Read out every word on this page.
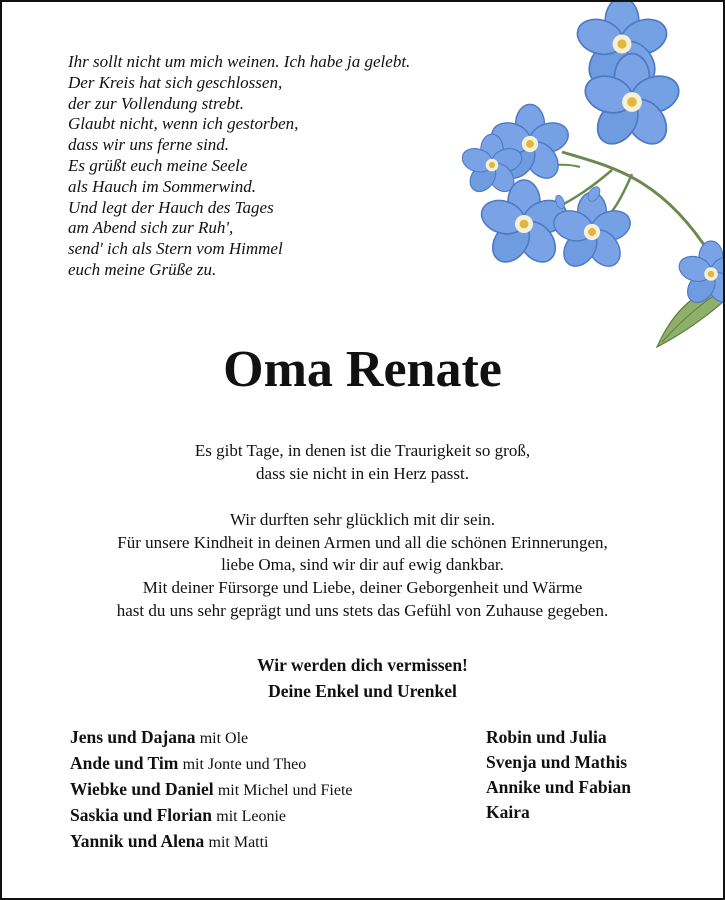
Ihr sollt nicht um mich weinen. Ich habe ja gelebt.
Der Kreis hat sich geschlossen,
der zur Vollendung strebt.
Glaubt nicht, wenn ich gestorben,
dass wir uns ferne sind.
Es grüßt euch meine Seele
als Hauch im Sommerwind.
Und legt der Hauch des Tages
am Abend sich zur Ruh',
send' ich als Stern vom Himmel
euch meine Grüße zu.
Oma Renate
Es gibt Tage, in denen ist die Traurigkeit so groß,
dass sie nicht in ein Herz passt.
Wir durften sehr glücklich mit dir sein.
Für unsere Kindheit in deinen Armen und all die schönen Erinnerungen,
liebe Oma, sind wir dir auf ewig dankbar.
Mit deiner Fürsorge und Liebe, deiner Geborgenheit und Wärme
hast du uns sehr geprägt und uns stets das Gefühl von Zuhause gegeben.
Wir werden dich vermissen!
Deine Enkel und Urenkel
Jens und Dajana mit Ole
Ande und Tim mit Jonte und Theo
Wiebke und Daniel mit Michel und Fiete
Saskia und Florian mit Leonie
Yannik und Alena mit Matti
Robin und Julia
Svenja und Mathis
Annike und Fabian
Kaira
